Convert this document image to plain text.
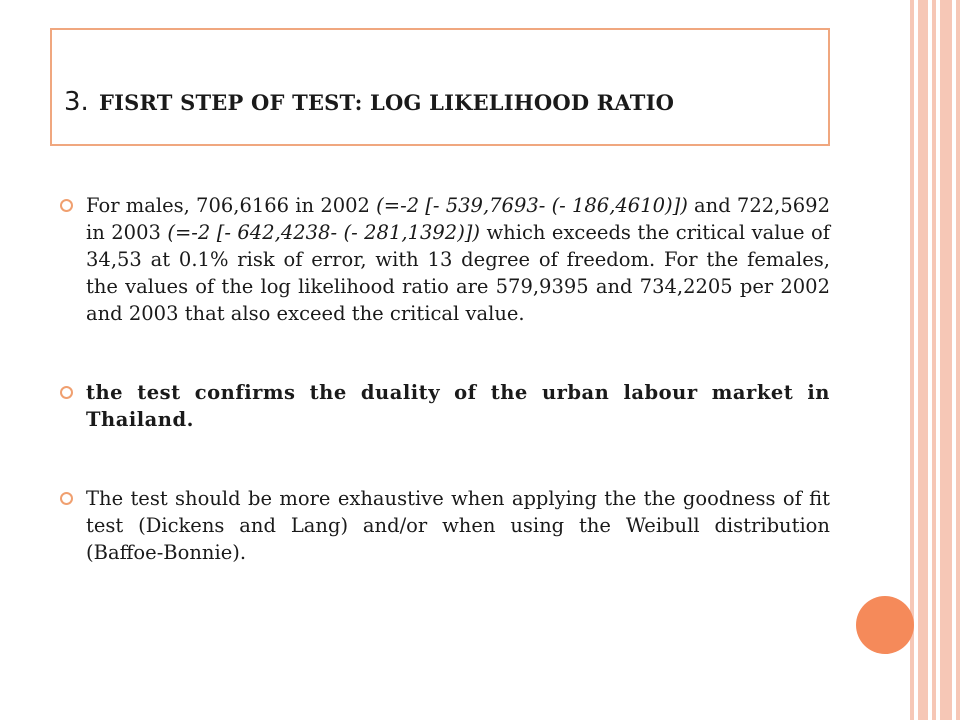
3. FISRT STEP OF TEST: LOG LIKELIHOOD RATIO

For males, 706,6166 in 2002 (=-2 [- 539,7693- (- 186,4610)]) and 722,5692 in 2003 (=-2 [- 642,4238- (- 281,1392)]) which exceeds the critical value of 34,53 at 0.1% risk of error, with 13 degree of freedom. For the females, the values of the log likelihood ratio are 579,9395 and 734,2205 per 2002 and 2003 that also exceed the critical value.

the test confirms the duality of the urban labour market in Thailand.

The test should be more exhaustive when applying the the goodness of fit test (Dickens and Lang) and/or when using the Weibull distribution (Baffoe-Bonnie).
